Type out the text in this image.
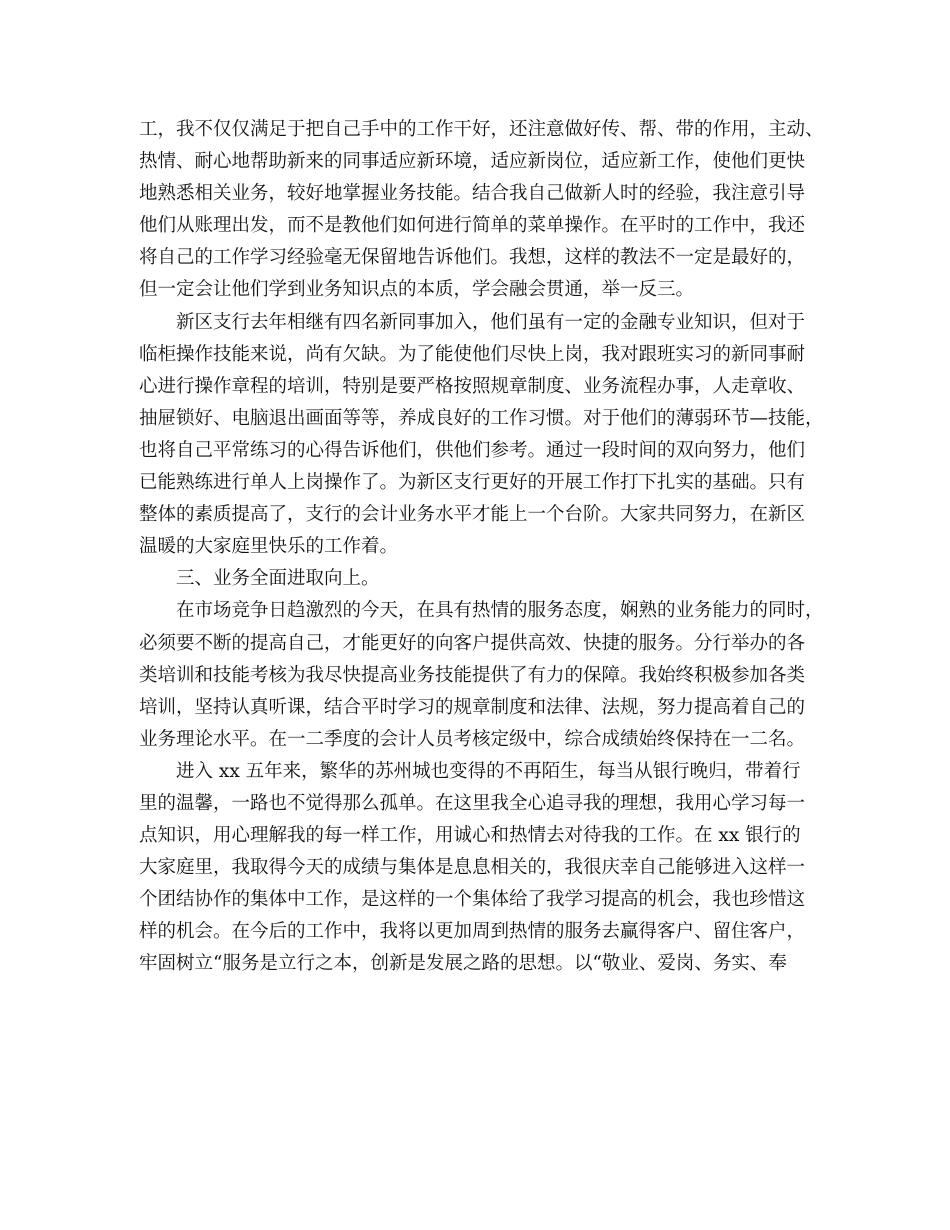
工，我不仅仅满足于把自己手中的工作干好，还注意做好传、帮、带的作用，主动、
热情、耐心地帮助新来的同事适应新环境，适应新岗位，适应新工作，使他们更快
地熟悉相关业务，较好地掌握业务技能。结合我自己做新人时的经验，我注意引导
他们从账理出发，而不是教他们如何进行简单的菜单操作。在平时的工作中，我还
将自己的工作学习经验毫无保留地告诉他们。我想，这样的教法不一定是最好的，
但一定会让他们学到业务知识点的本质，学会融会贯通，举一反三。
　　新区支行去年相继有四名新同事加入，他们虽有一定的金融专业知识，但对于
临柜操作技能来说，尚有欠缺。为了能使他们尽快上岗，我对跟班实习的新同事耐
心进行操作章程的培训，特别是要严格按照规章制度、业务流程办事，人走章收、
抽屉锁好、电脑退出画面等等，养成良好的工作习惯。对于他们的薄弱环节—技能，
也将自己平常练习的心得告诉他们，供他们参考。通过一段时间的双向努力，他们
已能熟练进行单人上岗操作了。为新区支行更好的开展工作打下扎实的基础。只有
整体的素质提高了，支行的会计业务水平才能上一个台阶。大家共同努力，在新区
温暖的大家庭里快乐的工作着。
　　三、业务全面进取向上。
　　在市场竞争日趋激烈的今天，在具有热情的服务态度，娴熟的业务能力的同时，
必须要不断的提高自己，才能更好的向客户提供高效、快捷的服务。分行举办的各
类培训和技能考核为我尽快提高业务技能提供了有力的保障。我始终积极参加各类
培训，坚持认真听课，结合平时学习的规章制度和法律、法规，努力提高着自己的
业务理论水平。在一二季度的会计人员考核定级中，综合成绩始终保持在一二名。
　　进入 xx 五年来，繁华的苏州城也变得的不再陌生，每当从银行晚归，带着行
里的温馨，一路也不觉得那么孤单。在这里我全心追寻我的理想，我用心学习每一
点知识，用心理解我的每一样工作，用诚心和热情去对待我的工作。在 xx 银行的
大家庭里，我取得今天的成绩与集体是息息相关的，我很庆幸自己能够进入这样一
个团结协作的集体中工作，是这样的一个集体给了我学习提高的机会，我也珍惜这
样的机会。在今后的工作中，我将以更加周到热情的服务去赢得客户、留住客户，
牢固树立“服务是立行之本，创新是发展之路的思想。以“敬业、爱岗、务实、奉
